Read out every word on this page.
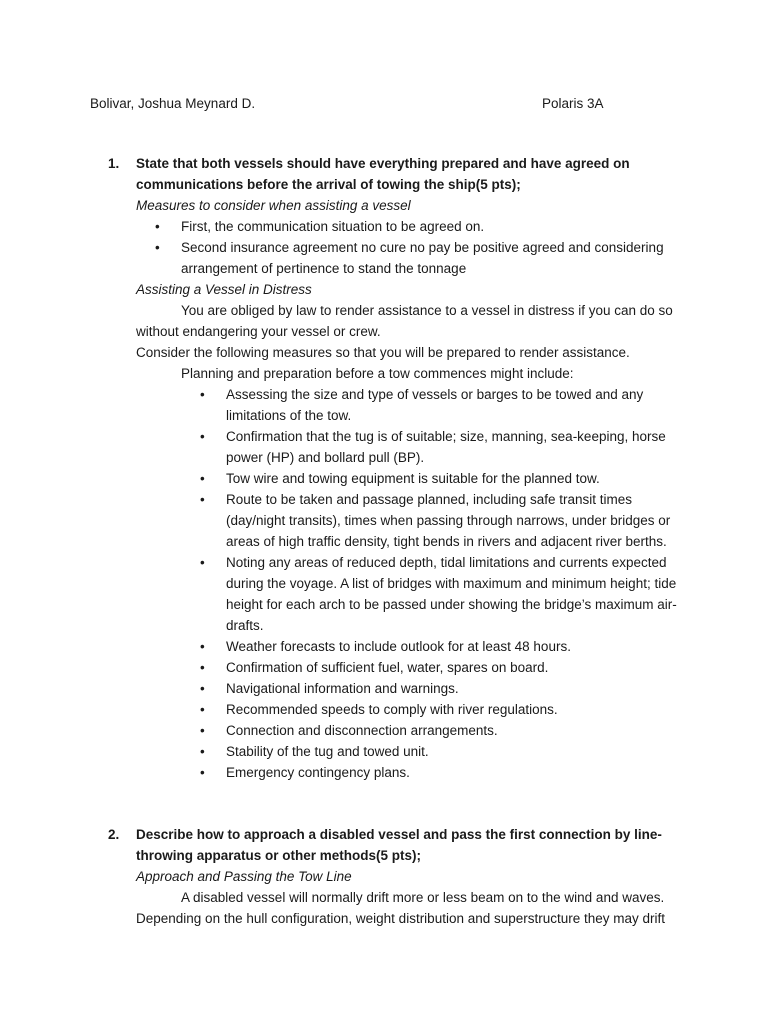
Bolivar, Joshua Meynard D.	Polaris 3A
1. State that both vessels should have everything prepared and have agreed on communications before the arrival of towing the ship(5 pts);
Measures to consider when assisting a vessel
• First, the communication situation to be agreed on.
• Second insurance agreement no cure no pay be positive agreed and considering arrangement of pertinence to stand the tonnage
Assisting a Vessel in Distress
You are obliged by law to render assistance to a vessel in distress if you can do so without endangering your vessel or crew.
Consider the following measures so that you will be prepared to render assistance.
Planning and preparation before a tow commences might include:
• Assessing the size and type of vessels or barges to be towed and any limitations of the tow.
• Confirmation that the tug is of suitable; size, manning, sea-keeping, horse power (HP) and bollard pull (BP).
• Tow wire and towing equipment is suitable for the planned tow.
• Route to be taken and passage planned, including safe transit times (day/night transits), times when passing through narrows, under bridges or areas of high traffic density, tight bends in rivers and adjacent river berths.
• Noting any areas of reduced depth, tidal limitations and currents expected during the voyage. A list of bridges with maximum and minimum height; tide height for each arch to be passed under showing the bridge’s maximum air-drafts.
• Weather forecasts to include outlook for at least 48 hours.
• Confirmation of sufficient fuel, water, spares on board.
• Navigational information and warnings.
• Recommended speeds to comply with river regulations.
• Connection and disconnection arrangements.
• Stability of the tug and towed unit.
• Emergency contingency plans.
2. Describe how to approach a disabled vessel and pass the first connection by line-throwing apparatus or other methods(5 pts);
Approach and Passing the Tow Line
A disabled vessel will normally drift more or less beam on to the wind and waves. Depending on the hull configuration, weight distribution and superstructure they may drift
